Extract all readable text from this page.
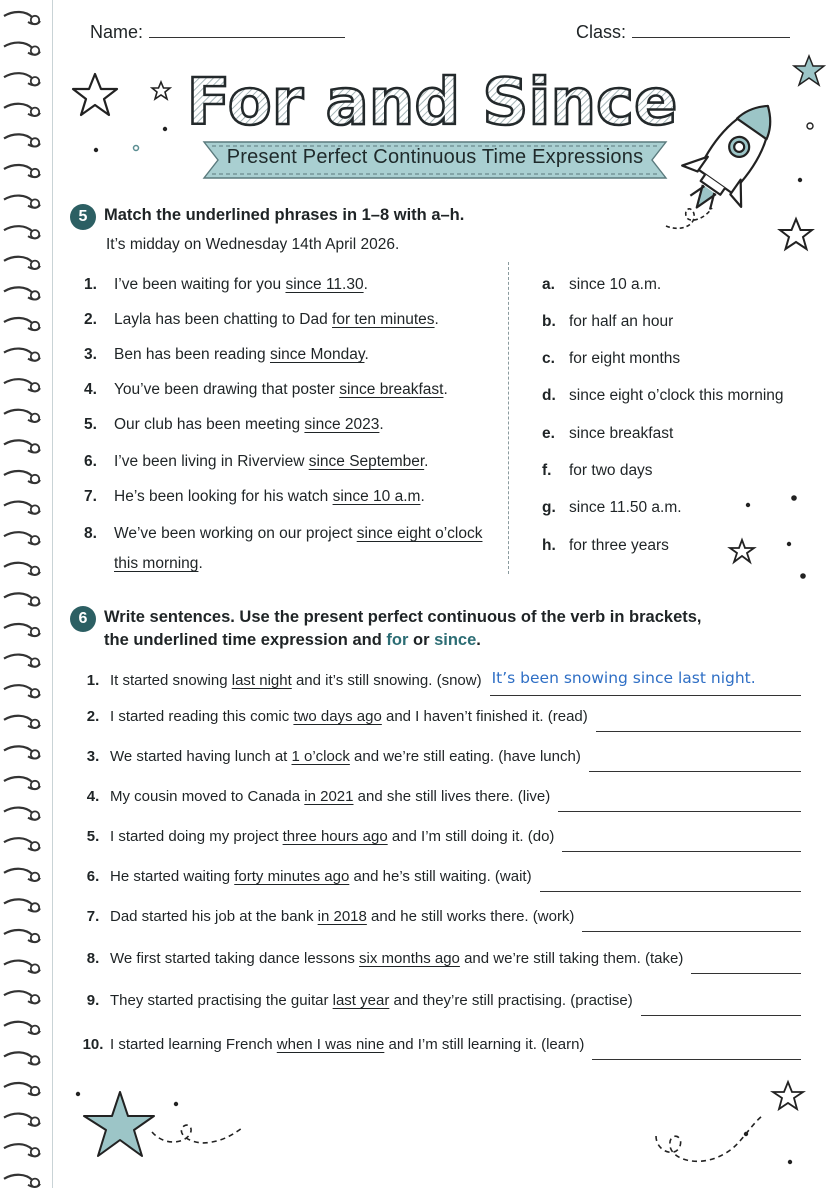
Name:	Class:
For and Since
Present Perfect Continuous Time Expressions
5	Match the underlined phrases in 1–8 with a–h.
It’s midday on Wednesday 14th April 2026.
1.	I’ve been waiting for you since 11.30.
2.	Layla has been chatting to Dad for ten minutes.
3.	Ben has been reading since Monday.
4.	You’ve been drawing that poster since breakfast.
5.	Our club has been meeting since 2023.
6.	I’ve been living in Riverview since September.
7.	He’s been looking for his watch since 10 a.m.
8.	We’ve been working on our project since eight o’clock
this morning.
a. since 10 a.m.
b. for half an hour
c. for eight months
d. since eight o’clock this morning
e. since breakfast
f.	for two days
g. since 11.50 a.m.
h. for three years
6	Write sentences. Use the present perfect continuous of the verb in brackets,
the underlined time expression and for or since.
1. It started snowing last night and it’s still snowing. (snow) It’s been snowing since last night.
2. I started reading this comic two days ago and I haven’t finished it. (read)
3. We started having lunch at 1 o’clock and we’re still eating. (have lunch)
4. My cousin moved to Canada in 2021 and she still lives there. (live)
5. I started doing my project three hours ago and I’m still doing it. (do)
6. He started waiting forty minutes ago and he’s still waiting. (wait)
7. Dad started his job at the bank in 2018 and he still works there. (work)
8. We first started taking dance lessons six months ago and we’re still taking them. (take)
9. They started practising the guitar last year and they’re still practising. (practise)
10. I started learning French when I was nine and I’m still learning it. (learn)
